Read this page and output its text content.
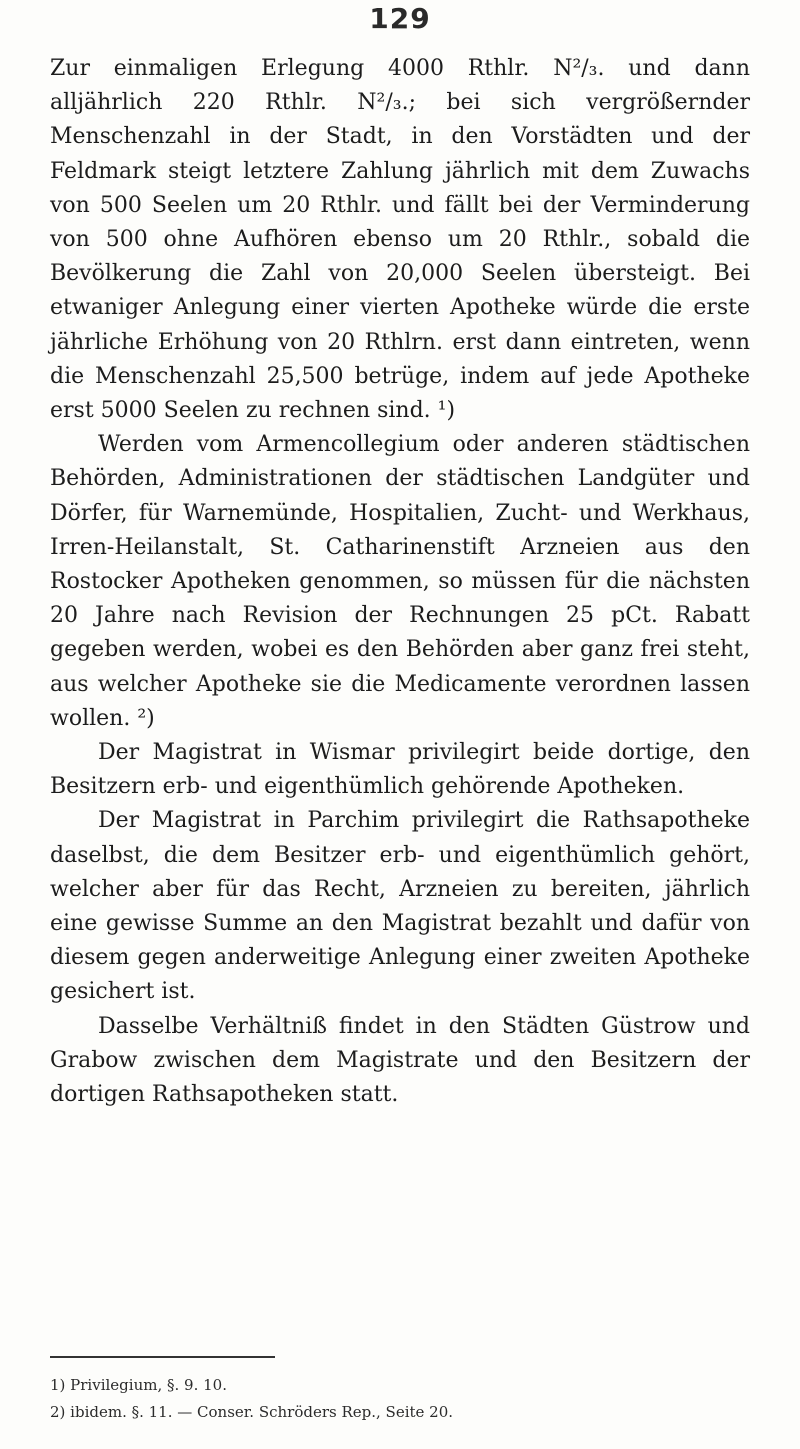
129

Zur einmaligen Erlegung 4000 Rthlr. N²/₃. und dann alljährlich 220 Rthlr. N²/₃.; bei sich vergrößernder Menschenzahl in der Stadt, in den Vorstädten und der Feldmark steigt letztere Zahlung jährlich mit dem Zuwachs von 500 Seelen um 20 Rthlr. und fällt bei der Verminderung von 500 ohne Aufhören ebenso um 20 Rthlr., sobald die Bevölkerung die Zahl von 20,000 Seelen übersteigt. Bei etwaniger Anlegung einer vierten Apotheke würde die erste jährliche Erhöhung von 20 Rthlrn. erst dann eintreten, wenn die Menschenzahl 25,500 betrüge, indem auf jede Apotheke erst 5000 Seelen zu rechnen sind. ¹)

Werden vom Armencollegium oder anderen städtischen Behörden, Administrationen der städtischen Landgüter und Dörfer, für Warnemünde, Hospitalien, Zucht- und Werkhaus, Irren-Heilanstalt, St. Catharinenstift Arzneien aus den Rostocker Apotheken genommen, so müssen für die nächsten 20 Jahre nach Revision der Rechnungen 25 pCt. Rabatt gegeben werden, wobei es den Behörden aber ganz frei steht, aus welcher Apotheke sie die Medicamente verordnen lassen wollen. ²)

Der Magistrat in Wismar privilegirt beide dortige, den Besitzern erb- und eigenthümlich gehörende Apotheken.

Der Magistrat in Parchim privilegirt die Rathsapotheke daselbst, die dem Besitzer erb- und eigenthümlich gehört, welcher aber für das Recht, Arzneien zu bereiten, jährlich eine gewisse Summe an den Magistrat bezahlt und dafür von diesem gegen anderweitige Anlegung einer zweiten Apotheke gesichert ist.

Dasselbe Verhältniß findet in den Städten Güstrow und Grabow zwischen dem Magistrate und den Besitzern der dortigen Rathsapotheken statt.

1) Privilegium, §. 9. 10.

2) ibidem. §. 11. — Conser. Schröders Rep., Seite 20.
